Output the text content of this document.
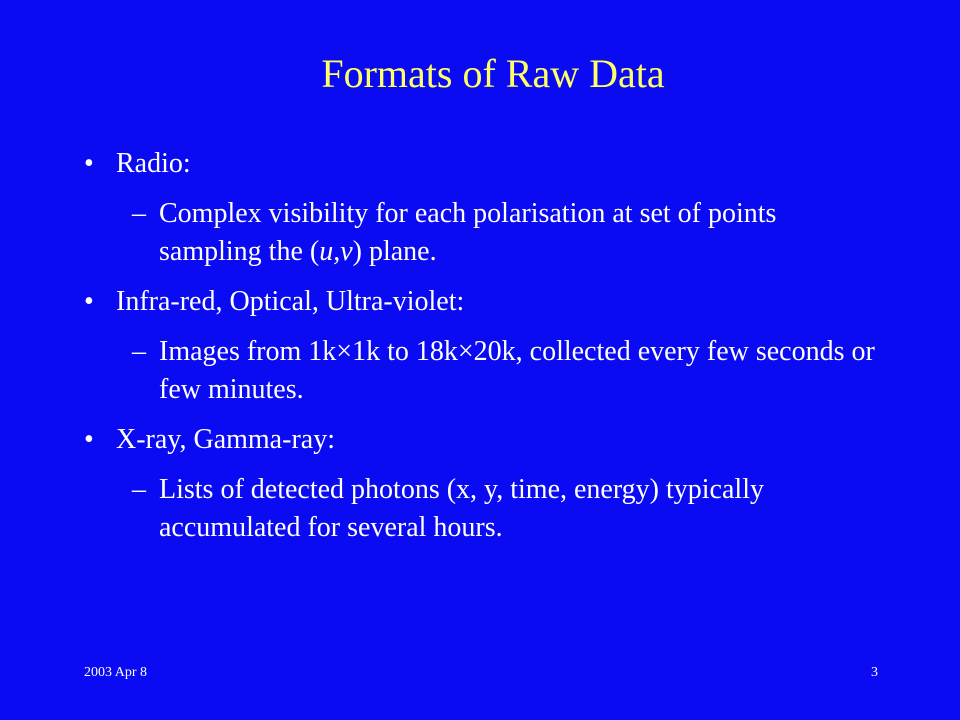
Formats of Raw Data
• Radio:
– Complex visibility for each polarisation at set of points sampling the (u,v) plane.
• Infra-red, Optical, Ultra-violet:
– Images from 1k×1k to 18k×20k, collected every few seconds or few minutes.
• X-ray, Gamma-ray:
– Lists of detected photons (x, y, time, energy) typically accumulated for several hours.
2003 Apr 8	3
